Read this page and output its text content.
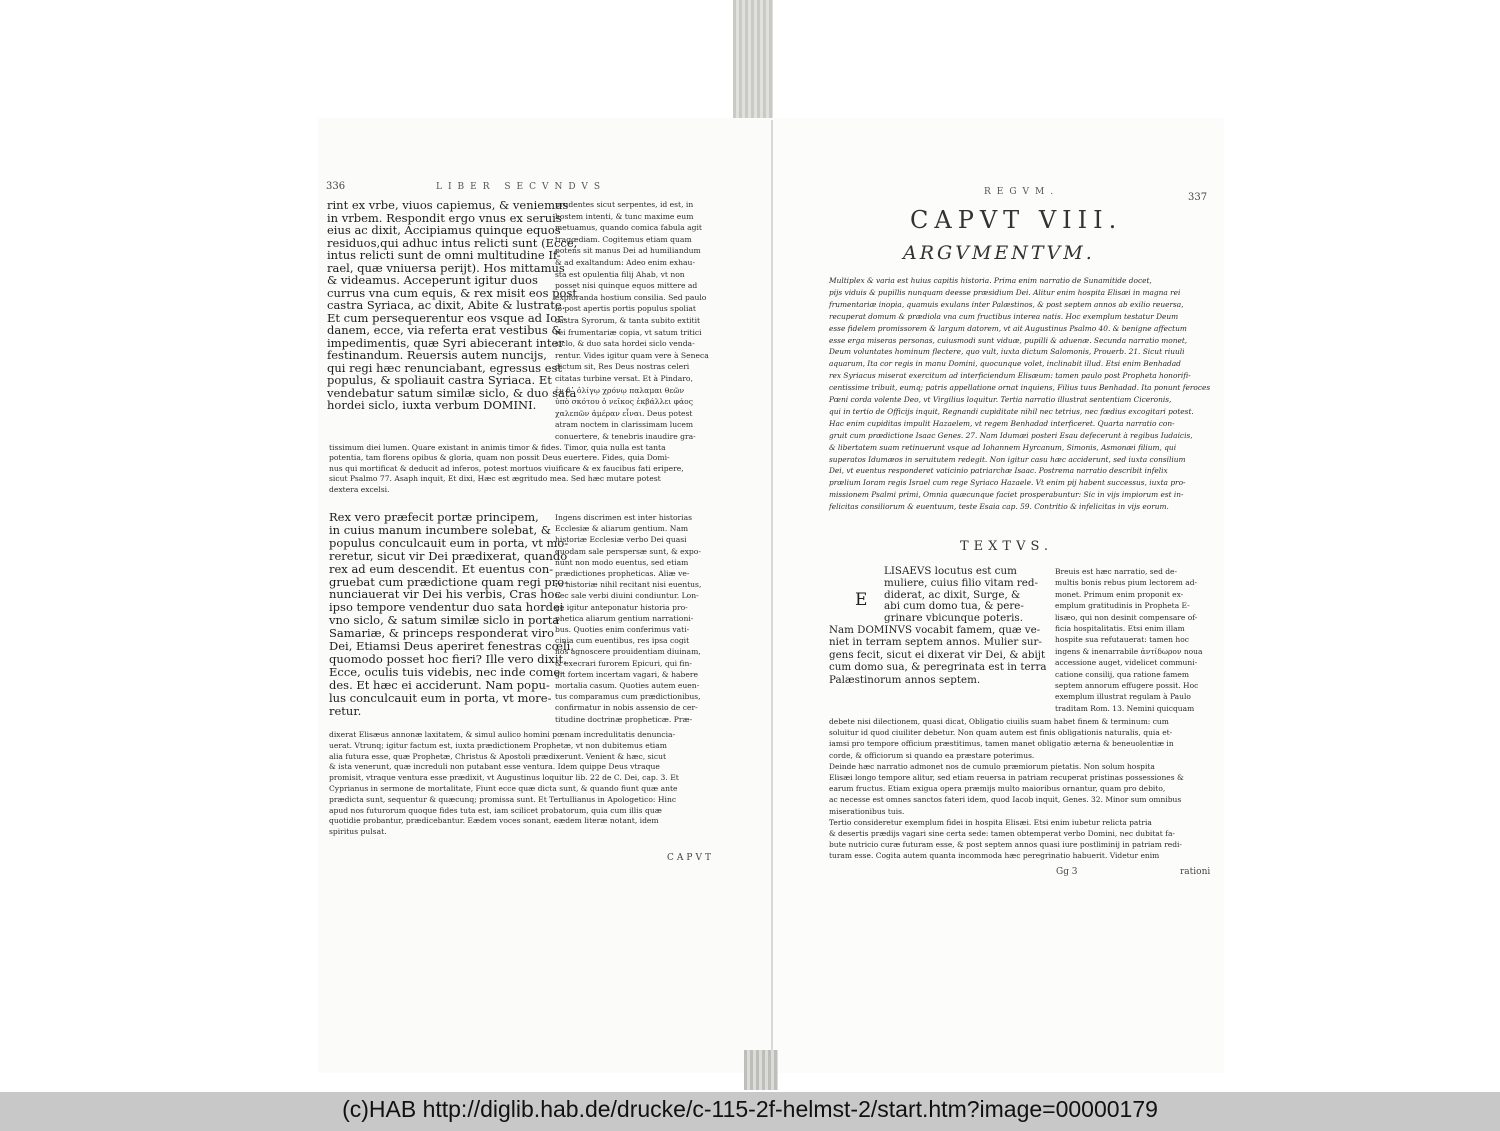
336	LIBER SECVNDVS
rint ex vrbe, viuos capiemus, & veniemus
in vrbem. Respondit ergo vnus ex seruis
eius ac dixit, Accipiamus quinque equos
residuos,qui adhuc intus relicti sunt (Ecce,
intus relicti sunt de omni multitudine If-
rael, quæ vniuersa perijt). Hos mittamus
& videamus. Acceperunt igitur duos
currus vna cum equis, & rex misit eos post
castra Syriaca, ac dixit, Abite & lustrate.
Et cum persequerentur eos vsque ad Ior-
danem, ecce, via referta erat vestibus &
impedimentis, quæ Syri abiecerant inter
festinandum. Reuersis autem nuncijs,
qui regi hæc renunciabant, egressus est
populus, & spoliauit castra Syriaca. Et
vendebatur satum similæ siclo, & duo sata
hordei siclo, iuxta verbum DOMINI.
prudentes sicut serpentes, id est, in
hostem intenti, & tunc maxime eum
metuamus, quando comica fabula agit
tragœdiam. Cogitemus etiam quam
potens sit manus Dei ad humiliandum
& ad exaltandum: Adeo enim exhau-
sta est opulentia filij Ahab, vt non
posset nisi quinque equos mittere ad
exploranda hostium consilia. Sed paulo
lo post apertis portis populus spoliat
castra Syrorum, & tanta subito extitit
rei frumentariæ copia, vt satum tritici
siclo, & duo sata hordei siclo venda-
rentur. Vides igitur quam vere à Seneca
dictum sit, Res Deus nostras celeri
citatas turbine versat. Et à Pindaro,
ἐν δ᾽ ὀλίγῳ χρόνῳ παλαμαι θεῶν
ὑπὸ σκότου ὁ νεῖκος ἐκβάλλει φάος
χαλεπῶν ἀμέραν εἶναι. Deus potest
atram noctem in clarissimam lucem
conuertere, & tenebris inaudire gra-
tissimum diei lumen. Quare existant in animis timor & fides. Timor, quia nulla est tanta
potentia, tam florens opibus & gloria, quam non possit Deus euertere. Fides, quia Domi-
nus qui mortificat & deducit ad inferos, potest mortuos viuificare & ex faucibus fati eripere,
sicut Psalmo 77. Asaph inquit, Et dixi, Hæc est ægritudo mea. Sed hæc mutare potest
dextera excelsi.
Rex vero præfecit portæ principem,
in cuius manum incumbere solebat, &
populus conculcauit eum in porta, vt mo-
reretur, sicut vir Dei prædixerat, quando
rex ad eum descendit. Et euentus con-
gruebat cum prædictione quam regi pro-
nunciauerat vir Dei his verbis, Cras hoc
ipso tempore vendentur duo sata hordei
vno siclo, & satum similæ siclo in porta
Samariæ, & princeps responderat viro
Dei, Etiamsi Deus aperiret fenestras cœli,
quomodo posset hoc fieri? Ille vero dixit,
Ecce, oculis tuis videbis, nec inde come-
des. Et hæc ei acciderunt. Nam popu-
lus conculcauit eum in porta, vt more-
retur.
Ingens discrimen est inter historias
Ecclesiæ & aliarum gentium. Nam
historiæ Ecclesiæ verbo Dei quasi
quodam sale perspersæ sunt, & expo-
nunt non modo euentus, sed etiam
prædictiones propheticas. Aliæ ve-
ro historiæ nihil recitant nisi euentus,
nec sale verbi diuini condiuntur. Lon-
ge igitur anteponatur historia pro-
phetica aliarum gentium narrationi-
bus. Quoties enim conferimus vati-
cinia cum euentibus, res ipsa cogit
nos agnoscere prouidentiam diuinam,
& execrari furorem Epicuri, qui fin-
git fortem incertam vagari, & habere
mortalia casum. Quoties autem euen-
tus comparamus cum prædictionibus,
confirmatur in nobis assensio de cer-
titudine doctrinæ propheticæ. Præ-
dixerat Elisæus annonæ laxitatem, & simul aulico homini pœnam incredulitatis denuncia-
uerat. Vtrunq; igitur factum est, iuxta prædictionem Prophetæ, vt non dubitemus etiam
alia futura esse, quæ Prophetæ, Christus & Apostoli prædixerunt. Venient & hæc, sicut
& ista venerunt, quæ increduli non putabant esse ventura. Idem quippe Deus vtraque
promisit, vtraque ventura esse prædixit, vt Augustinus loquitur lib. 22 de C. Dei, cap. 3. Et
Cyprianus in sermone de mortalitate, Fiunt ecce quæ dicta sunt, & quando fiunt quæ ante
prædicta sunt, sequentur & quæcunq; promissa sunt. Et Tertullianus in Apologetico: Hinc
apud nos futurorum quoque fides tuta est, iam scilicet probatorum, quia cum illis quæ
quotidie probantur, prædicebantur. Eædem voces sonant, eædem literæ notant, idem
spiritus pulsat.
CAPVT
REGVM.	337
CAPVT VIII.
ARGVMENTVM.
Multiplex & varia est huius capitis historia. Prima enim narratio de Sunamitide docet,
pijs viduis & pupillis nunquam deesse præsidium Dei. Alitur enim hospita Elisæi in magna rei
frumentariæ inopia, quamuis exulans inter Palæstinos, & post septem annos ab exilio reuersa,
recuperat domum & prædiola vna cum fructibus interea natis. Hoc exemplum testatur Deum
esse fidelem promissorem & largum datorem, vt ait Augustinus Psalmo 40. & benigne affectum
esse erga miseras personas, cuiusmodi sunt viduæ, pupilli & aduenæ. Secunda narratio monet,
Deum voluntates hominum flectere, quo vult, iuxta dictum Salomonis, Prouerb. 21. Sicut riuuli
aquarum, Ita cor regis in manu Domini, quocunque volet, inclinabit illud. Etsi enim Benhadad
rex Syriacus miserat exercitum ad interficiendum Elisæum: tamen paulo post Propheta honorifi-
centissime tribuit, eumq; patris appellatione ornat inquiens, Filius tuus Benhadad. Ita ponunt feroces
Pœni corda volente Deo, vt Virgilius loquitur. Tertia narratio illustrat sententiam Ciceronis,
qui in tertio de Officijs inquit, Regnandi cupiditate nihil nec tetrius, nec fœdius excogitari potest.
Hac enim cupiditas impulit Hazaelem, vt regem Benhadad interficeret. Quarta narratio con-
gruit cum prædictione Isaac Genes. 27. Nam Idumæi posteri Esau defecerunt à regibus Iudaicis,
& libertatem suam retinuerunt vsque ad Iohannem Hyrcanum, Simonis, Asmonæi filium, qui
superatos Idumæos in seruitutem redegit. Non igitur casu hæc acciderunt, sed iuxta consilium
Dei, vt euentus responderet vaticinio patriarchæ Isaac. Postrema narratio describit infelix
prælium Ioram regis Israel cum rege Syriaco Hazaele. Vt enim pij habent successus, iuxta pro-
missionem Psalmi primi, Omnia quæcunque faciet prosperabuntur: Sic in vijs impiorum est in-
felicitas consiliorum & euentuum, teste Esaia cap. 59. Contritio & infelicitas in vijs eorum.
TEXTVS.
E
LISAEVS locutus est cum
muliere, cuius filio vitam red-
diderat, ac dixit, Surge, &
abi cum domo tua, & pere-
grinare vbicunque poteris.
Nam DOMINVS vocabit famem, quæ ve-
niet in terram septem annos. Mulier sur-
gens fecit, sicut ei dixerat vir Dei, & abijt
cum domo sua, & peregrinata est in terra
Palæstinorum annos septem.
Breuis est hæc narratio, sed de-
multis bonis rebus pium lectorem ad-
monet. Primum enim proponit ex-
emplum gratitudinis in Propheta E-
lisæo, qui non desinit compensare of-
ficia hospitalitatis. Etsi enim illam
hospite sua refutauerat: tamen hoc
ingens & inenarrabile ἀντίδωρον noua
accessione auget, videlicet communi-
catione consilij, qua ratione famem
septem annorum effugere possit. Hoc
exemplum illustrat regulam à Paulo
traditam Rom. 13. Nemini quicquam
debete nisi dilectionem, quasi dicat, Obligatio ciuilis suam habet finem & terminum: cum
soluitur id quod ciuiliter debetur. Non quam autem est finis obligationis naturalis, quia et-
iamsi pro tempore officium præstitimus, tamen manet obligatio æterna & beneuolentiæ in
corde, & officiorum si quando ea præstare poterimus.
Deinde hæc narratio admonet nos de cumulo præmiorum pietatis. Non solum hospita
Elisæi longo tempore alitur, sed etiam reuersa in patriam recuperat pristinas possessiones &
earum fructus. Etiam exigua opera præmijs multo maioribus ornantur, quam pro debito,
ac necesse est omnes sanctos fateri idem, quod Iacob inquit, Genes. 32. Minor sum omnibus
miserationibus tuis.
Tertio consideretur exemplum fidei in hospita Elisæi. Etsi enim iubetur relicta patria
& desertis prædijs vagari sine certa sede: tamen obtemperat verbo Domini, nec dubitat fa-
bute nutricio curæ futuram esse, & post septem annos quasi iure postliminij in patriam redi-
turam esse. Cogita autem quanta incommoda hæc peregrinatio habuerit. Videtur enim
Gg 3	rationi
(c)HAB http://diglib.hab.de/drucke/c-115-2f-helmst-2/start.htm?image=00000179
